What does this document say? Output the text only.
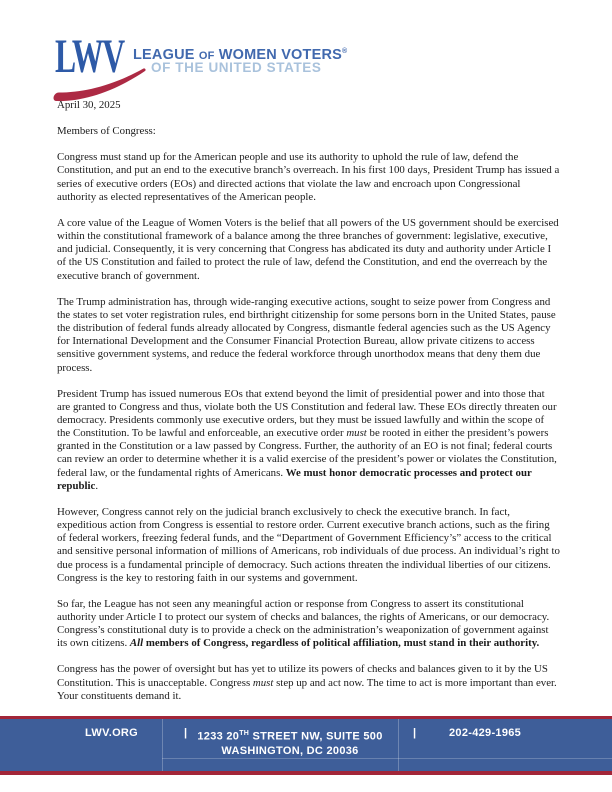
LWV LEAGUE OF WOMEN VOTERS®
OF THE UNITED STATES

April 30, 2025

Members of Congress:

Congress must stand up for the American people and use its authority to uphold the rule of law, defend the Constitution, and put an end to the executive branch’s overreach. In his first 100 days, President Trump has issued a series of executive orders (EOs) and directed actions that violate the law and encroach upon Congressional authority as elected representatives of the American people.

A core value of the League of Women Voters is the belief that all powers of the US government should be exercised within the constitutional framework of a balance among the three branches of government: legislative, executive, and judicial. Consequently, it is very concerning that Congress has abdicated its duty and authority under Article I of the US Constitution and failed to protect the rule of law, defend the Constitution, and end the overreach by the executive branch of government.

The Trump administration has, through wide-ranging executive actions, sought to seize power from Congress and the states to set voter registration rules, end birthright citizenship for some persons born in the United States, pause the distribution of federal funds already allocated by Congress, dismantle federal agencies such as the US Agency for International Development and the Consumer Financial Protection Bureau, allow private citizens to access sensitive government systems, and reduce the federal workforce through unorthodox means that deny them due process.

President Trump has issued numerous EOs that extend beyond the limit of presidential power and into those that are granted to Congress and thus, violate both the US Constitution and federal law. These EOs directly threaten our democracy. Presidents commonly use executive orders, but they must be issued lawfully and within the scope of the Constitution. To be lawful and enforceable, an executive order must be rooted in either the president’s powers granted in the Constitution or a law passed by Congress. Further, the authority of an EO is not final; federal courts can review an order to determine whether it is a valid exercise of the president’s power or violates the Constitution, federal law, or the fundamental rights of Americans. We must honor democratic processes and protect our republic.

However, Congress cannot rely on the judicial branch exclusively to check the executive branch. In fact, expeditious action from Congress is essential to restore order. Current executive branch actions, such as the firing of federal workers, freezing federal funds, and the “Department of Government Efficiency’s” access to the critical and sensitive personal information of millions of Americans, rob individuals of due process. An individual’s right to due process is a fundamental principle of democracy. Such actions threaten the individual liberties of our citizens. Congress is the key to restoring faith in our systems and government.

So far, the League has not seen any meaningful action or response from Congress to assert its constitutional authority under Article I to protect our system of checks and balances, the rights of Americans, or our democracy. Congress’s constitutional duty is to provide a check on the administration’s weaponization of government against its own citizens. All members of Congress, regardless of political affiliation, must stand in their authority.

Congress has the power of oversight but has yet to utilize its powers of checks and balances given to it by the US Constitution. This is unacceptable. Congress must step up and act now. The time to act is more important than ever. Your constituents demand it.

LWV.ORG	| 1233 20TH STREET NW, SUITE 500
WASHINGTON, DC 20036
|	202-429-1965
